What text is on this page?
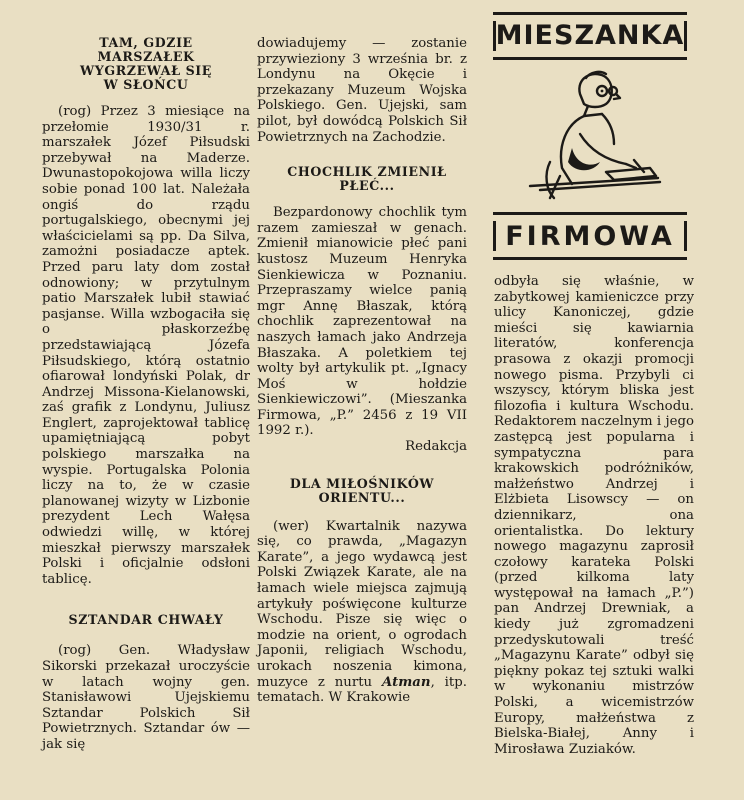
MIESZANKA
FIRMOWA
TAM, GDZIE MARSZAŁEK WYGRZEWAŁ SIĘ W SŁOŃCU

(rog) Przez 3 miesiące na przełomie 1930/31 r. marszałek Józef Piłsudski przebywał na Maderze. Dwunastopokojowa willa liczy sobie ponad 100 lat. Należała ongiś do rządu portugalskiego, obecnymi jej właścicielami są pp. Da Silva, zamożni posiadacze aptek. Przed paru laty dom został odnowiony; w przytulnym patio Marszałek lubił stawiać pasjanse. Willa wzbogaciła się o płaskorzeźbę przedstawiającą Józefa Piłsudskiego, którą ostatnio ofiarował londyński Polak, dr Andrzej Missona-Kielanowski, zaś grafik z Londynu, Juliusz Englert, zaprojektował tablicę upamiętniającą pobyt polskiego marszałka na wyspie. Portugalska Polonia liczy na to, że w czasie planowanej wizyty w Lizbonie prezydent Lech Wałęsa odwiedzi willę, w której mieszkał pierwszy marszałek Polski i oficjalnie odsłoni tablicę.

SZTANDAR CHWAŁY

(rog) Gen. Władysław Sikorski przekazał uroczyście w latach wojny gen. Stanisławowi Ujejskiemu Sztandar Polskich Sił Powietrznych. Sztandar ów — jak się

dowiadujemy — zostanie przywieziony 3 września br. z Londynu na Okęcie i przekazany Muzeum Wojska Polskiego. Gen. Ujejski, sam pilot, był dowódcą Polskich Sił Powietrznych na Zachodzie.

CHOCHLIK ZMIENIŁ PŁEĆ...

Bezpardonowy chochlik tym razem zamieszał w genach. Zmienił mianowicie płeć pani kustosz Muzeum Henryka Sienkiewicza w Poznaniu. Przepraszamy wielce panią mgr Annę Błaszak, którą chochlik zaprezentował na naszych łamach jako Andrzeja Błaszaka. A poletkiem tej wolty był artykulik pt. „Ignacy Moś w hołdzie Sienkiewiczowi”. (Mieszanka Firmowa, „P.” 2456 z 19 VII 1992 r.).

Redakcja

DLA MIŁOŚNIKÓW ORIENTU...

(wer) Kwartalnik nazywa się, co prawda, „Magazyn Karate”, a jego wydawcą jest Polski Związek Karate, ale na łamach wiele miejsca zajmują artykuły poświęcone kulturze Wschodu. Pisze się więc o modzie na orient, o ogrodach Japonii, religiach Wschodu, urokach noszenia kimona, muzyce z nurtu Atman, itp. tematach. W Krakowie

odbyła się właśnie, w zabytkowej kamieniczce przy ulicy Kanoniczej, gdzie mieści się kawiarnia literatów, konferencja prasowa z okazji promocji nowego pisma. Przybyli ci wszyscy, którym bliska jest filozofia i kultura Wschodu. Redaktorem naczelnym i jego zastępcą jest popularna i sympatyczna para krakowskich podróżników, małżeństwo Andrzej i Elżbieta Lisowscy — on dziennikarz, ona orientalistka. Do lektury nowego magazynu zaprosił czołowy karateka Polski (przed kilkoma laty występował na łamach „P.”) pan Andrzej Drewniak, a kiedy już zgromadzeni przedyskutowali treść „Magazynu Karate” odbył się piękny pokaz tej sztuki walki w wykonaniu mistrzów Polski, a wicemistrzów Europy, małżeństwa z Bielska-Białej, Anny i Mirosława Zuziaków.
